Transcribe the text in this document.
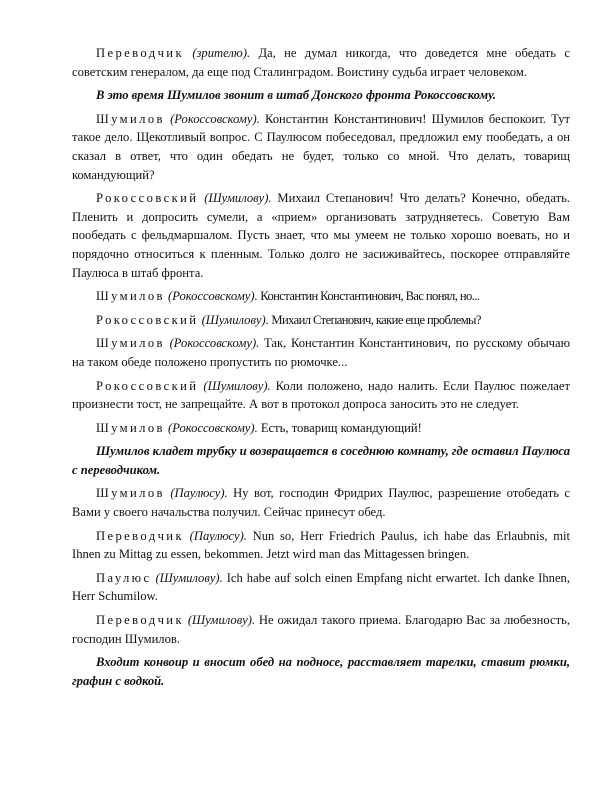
Переводчик (зрителю). Да, не думал никогда, что доведется мне обедать с советским генералом, да еще под Сталинградом. Воистину судьба играет человеком.

В это время Шумилов звонит в штаб Донского фронта Рокоссовскому.

Шумилов (Рокоссовскому). Константин Константинович! Шумилов беспокоит. Тут такое дело. Щекотливый вопрос. С Паулюсом побеседовал, предложил ему пообедать, а он сказал в ответ, что один обедать не будет, только со мной. Что делать, товарищ командующий?

Рокоссовский (Шумилову). Михаил Степанович! Что делать? Конечно, обедать. Пленить и допросить сумели, а «прием» организовать затрудняетесь. Советую Вам пообедать с фельдмаршалом. Пусть знает, что мы умеем не только хорошо воевать, но и порядочно относиться к пленным. Только долго не засиживайтесь, поскорее отправляйте Паулюса в штаб фронта.

Шумилов (Рокоссовскому). Константин Константинович, Вас понял, но...

Рокоссовский (Шумилову). Михаил Степанович, какие еще проблемы?

Шумилов (Рокоссовскому). Так, Константин Константинович, по русскому обычаю на таком обеде положено пропустить по рюмочке...

Рокоссовский (Шумилову). Коли положено, надо налить. Если Паулюс пожелает произнести тост, не запрещайте. А вот в протокол допроса заносить это не следует.

Шумилов (Рокоссовскому). Есть, товарищ командующий!

Шумилов кладет трубку и возвращается в соседнюю комнату, где оставил Паулюса с переводчиком.

Шумилов (Паулюсу). Ну вот, господин Фридрих Паулюс, разрешение отобедать с Вами у своего начальства получил. Сейчас принесут обед.

Переводчик (Паулюсу). Nun so, Herr Friedrich Paulus, ich habe das Erlaubnis, mit Ihnen zu Mittag zu essen, bekommen. Jetzt wird man das Mittagessen bringen.

Паулюс (Шумилову). Ich habe auf solch einen Empfang nicht erwartet. Ich danke Ihnen, Herr Schumilow.

Переводчик (Шумилову). Не ожидал такого приема. Благодарю Вас за любезность, господин Шумилов.

Входит конвоир и вносит обед на подносе, расставляет тарелки, ставит рюмки, графин с водкой.
